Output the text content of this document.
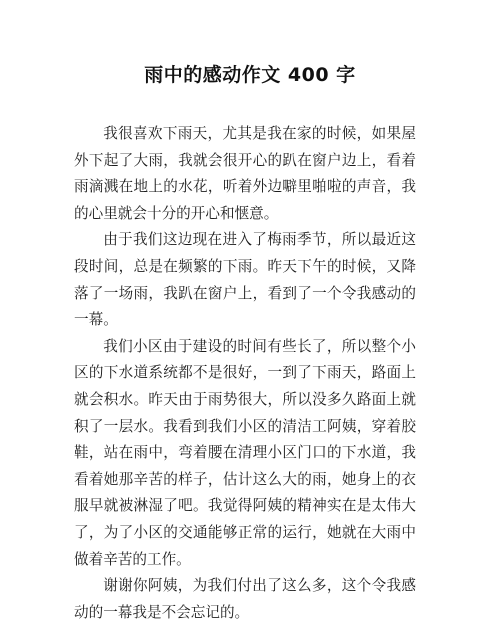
雨中的感动作文 400 字

我很喜欢下雨天，尤其是我在家的时候，如果屋外下起了大雨，我就会很开心的趴在窗户边上，看着雨滴溅在地上的水花，听着外边噼里啪啦的声音，我的心里就会十分的开心和惬意。

由于我们这边现在进入了梅雨季节，所以最近这段时间，总是在频繁的下雨。昨天下午的时候，又降落了一场雨，我趴在窗户上，看到了一个令我感动的一幕。

我们小区由于建设的时间有些长了，所以整个小区的下水道系统都不是很好，一到了下雨天，路面上就会积水。昨天由于雨势很大，所以没多久路面上就积了一层水。我看到我们小区的清洁工阿姨，穿着胶鞋，站在雨中，弯着腰在清理小区门口的下水道，我看着她那辛苦的样子，估计这么大的雨，她身上的衣服早就被淋湿了吧。我觉得阿姨的精神实在是太伟大了，为了小区的交通能够正常的运行，她就在大雨中做着辛苦的工作。

谢谢你阿姨，为我们付出了这么多，这个令我感动的一幕我是不会忘记的。
